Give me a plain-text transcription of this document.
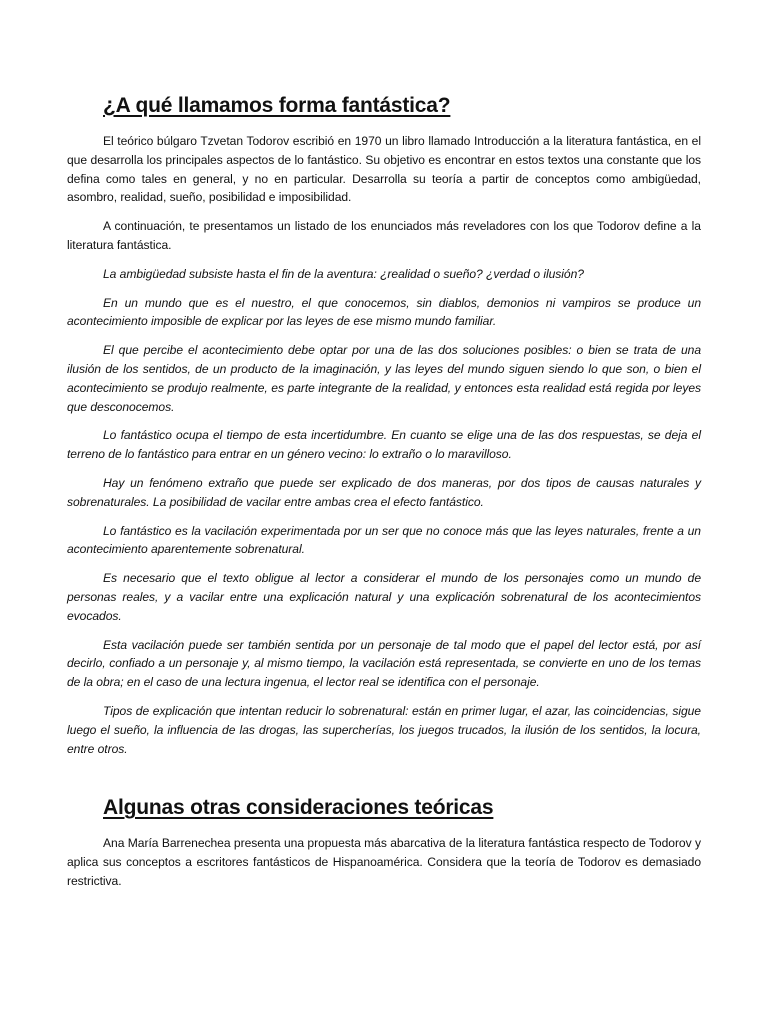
¿A qué llamamos forma fantástica?

El teórico búlgaro Tzvetan Todorov escribió en 1970 un libro llamado Introducción a la literatura fantástica, en el que desarrolla los principales aspectos de lo fantástico. Su objetivo es encontrar en estos textos una constante que los defina como tales en general, y no en particular. Desarrolla su teoría a partir de conceptos como ambigüedad, asombro, realidad, sueño, posibilidad e imposibilidad.

A continuación, te presentamos un listado de los enunciados más reveladores con los que Todorov define a la literatura fantástica.

La ambigüedad subsiste hasta el fin de la aventura: ¿realidad o sueño? ¿verdad o ilusión?

En un mundo que es el nuestro, el que conocemos, sin diablos, demonios ni vampiros se produce un acontecimiento imposible de explicar por las leyes de ese mismo mundo familiar.

El que percibe el acontecimiento debe optar por una de las dos soluciones posibles: o bien se trata de una ilusión de los sentidos, de un producto de la imaginación, y las leyes del mundo siguen siendo lo que son, o bien el acontecimiento se produjo realmente, es parte integrante de la realidad, y entonces esta realidad está regida por leyes que desconocemos.

Lo fantástico ocupa el tiempo de esta incertidumbre. En cuanto se elige una de las dos respuestas, se deja el terreno de lo fantástico para entrar en un género vecino: lo extraño o lo maravilloso.

Hay un fenómeno extraño que puede ser explicado de dos maneras, por dos tipos de causas naturales y sobrenaturales. La posibilidad de vacilar entre ambas crea el efecto fantástico.

Lo fantástico es la vacilación experimentada por un ser que no conoce más que las leyes naturales, frente a un acontecimiento aparentemente sobrenatural.

Es necesario que el texto obligue al lector a considerar el mundo de los personajes como un mundo de personas reales, y a vacilar entre una explicación natural y una explicación sobrenatural de los acontecimientos evocados.

Esta vacilación puede ser también sentida por un personaje de tal modo que el papel del lector está, por así decirlo, confiado a un personaje y, al mismo tiempo, la vacilación está representada, se convierte en uno de los temas de la obra; en el caso de una lectura ingenua, el lector real se identifica con el personaje.

Tipos de explicación que intentan reducir lo sobrenatural: están en primer lugar, el azar, las coincidencias, sigue luego el sueño, la influencia de las drogas, las supercherías, los juegos trucados, la ilusión de los sentidos, la locura, entre otros.

Algunas otras consideraciones teóricas

Ana María Barrenechea presenta una propuesta más abarcativa de la literatura fantástica respecto de Todorov y aplica sus conceptos a escritores fantásticos de Hispanoamérica. Considera que la teoría de Todorov es demasiado restrictiva.
